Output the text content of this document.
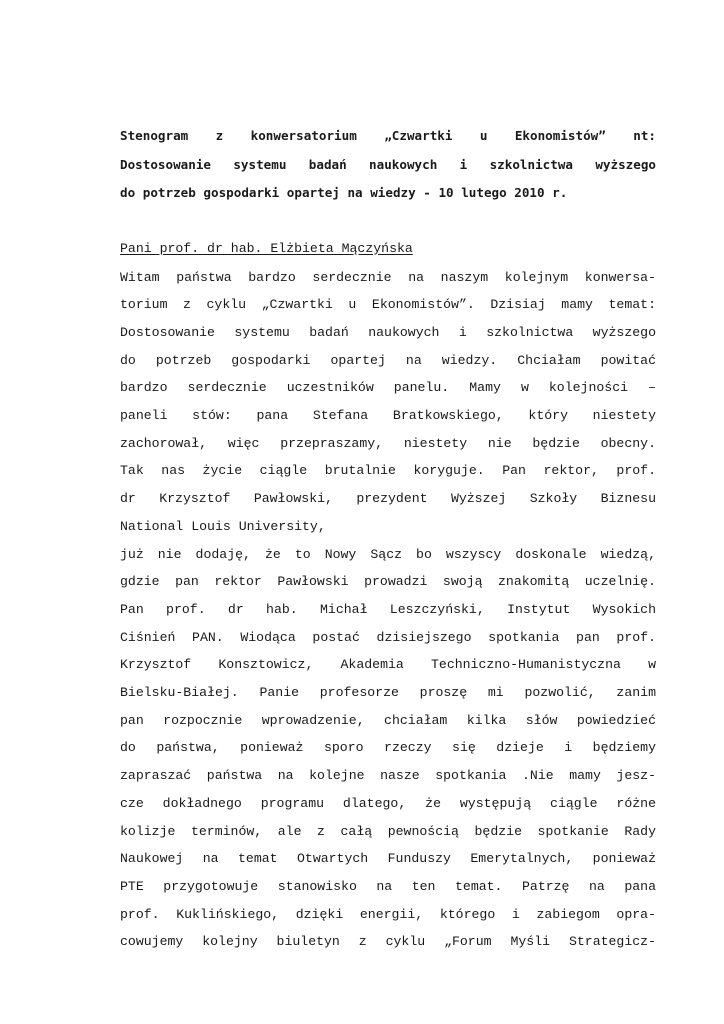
Stenogram z konwersatorium „Czwartki u Ekonomistów” nt:
Dostosowanie systemu badań naukowych i szkolnictwa wyższego
do potrzeb gospodarki opartej na wiedzy - 10 lutego 2010 r.
Pani prof. dr hab. Elżbieta Mączyńska
Witam państwa bardzo serdecznie na naszym kolejnym konwersa-
torium z cyklu „Czwartki u Ekonomistów”. Dzisiaj mamy temat:
Dostosowanie systemu badań naukowych i szkolnictwa wyższego
do potrzeb gospodarki opartej na wiedzy. Chciałam powitać
bardzo serdecznie uczestników panelu. Mamy w kolejności –
paneli stów: pana Stefana Bratkowskiego, który niestety
zachorował, więc przepraszamy, niestety nie będzie obecny.
Tak nas życie ciągle brutalnie koryguje. Pan rektor, prof.
dr Krzysztof Pawłowski, prezydent Wyższej Szkoły Biznesu
National Louis University,
już nie dodaję, że to Nowy Sącz bo wszyscy doskonale wiedzą,
gdzie pan rektor Pawłowski prowadzi swoją znakomitą uczelnię.
Pan prof. dr hab. Michał Leszczyński, Instytut Wysokich
Ciśnień PAN. Wiodąca postać dzisiejszego spotkania pan prof.
Krzysztof Konsztowicz, Akademia Techniczno-Humanistyczna w
Bielsku-Białej. Panie profesorze proszę mi pozwolić, zanim
pan rozpocznie wprowadzenie, chciałam kilka słów powiedzieć
do państwa, ponieważ sporo rzeczy się dzieje i będziemy
zapraszać państwa na kolejne nasze spotkania .Nie mamy jesz-
cze dokładnego programu dlatego, że występują ciągle różne
kolizje terminów, ale z całą pewnością będzie spotkanie Rady
Naukowej na temat Otwartych Funduszy Emerytalnych, ponieważ
PTE przygotowuje stanowisko na ten temat. Patrzę na pana
prof. Kuklińskiego, dzięki energii, którego i zabiegom opra-
cowujemy kolejny biuletyn z cyklu „Forum Myśli Strategicz-
